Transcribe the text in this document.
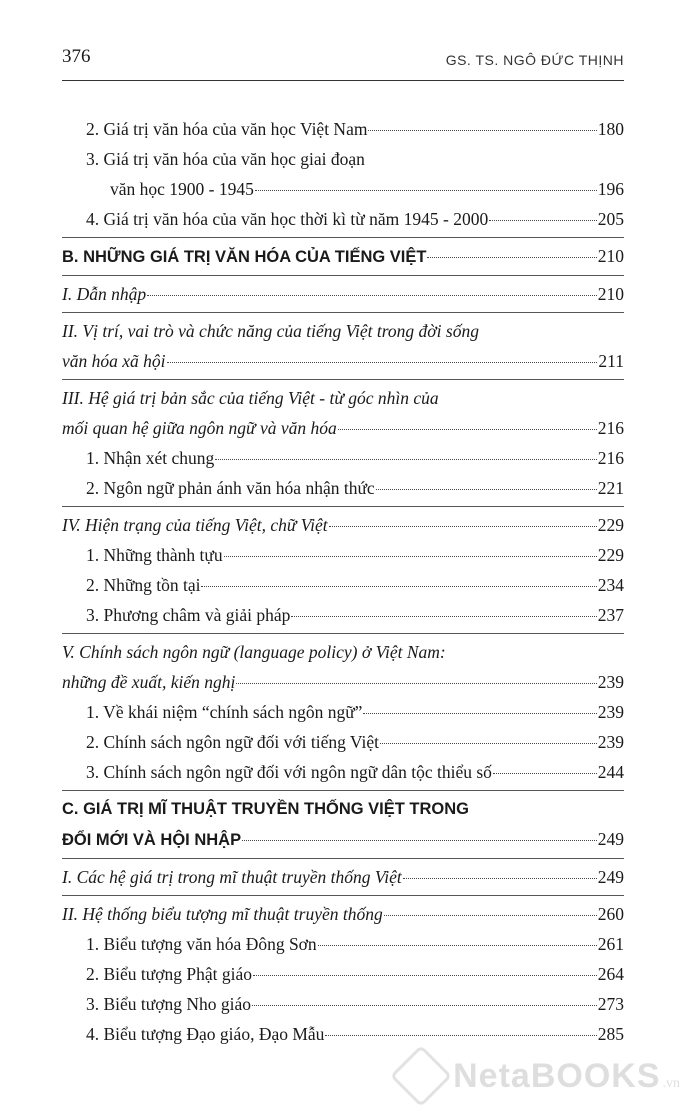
376	GS. TS. NGÔ ĐỨC THỊNH
2. Giá trị văn hóa của văn học Việt Nam	180
3. Giá trị văn hóa của văn học giai đoạn
văn học 1900 - 1945	196
4. Giá trị văn hóa của văn học thời kì từ năm 1945 - 2000	205
B. NHỮNG GIÁ TRỊ VĂN HÓA CỦA TIẾNG VIỆT	210
I. Dẫn nhập	210
II. Vị trí, vai trò và chức năng của tiếng Việt trong đời sống
văn hóa xã hội	211
III. Hệ giá trị bản sắc của tiếng Việt - từ góc nhìn của
mối quan hệ giữa ngôn ngữ và văn hóa	216
1. Nhận xét chung	216
2. Ngôn ngữ phản ánh văn hóa nhận thức	221
IV. Hiện trạng của tiếng Việt, chữ Việt	229
1. Những thành tựu	229
2. Những tồn tại	234
3. Phương châm và giải pháp	237
V. Chính sách ngôn ngữ (language policy) ở Việt Nam:
những đề xuất, kiến nghị	239
1. Về khái niệm “chính sách ngôn ngữ”	239
2. Chính sách ngôn ngữ đối với tiếng Việt	239
3. Chính sách ngôn ngữ đối với ngôn ngữ dân tộc thiểu số	244
C. GIÁ TRỊ MĨ THUẬT TRUYỀN THỐNG VIỆT TRONG
ĐỔI MỚI VÀ HỘI NHẬP	249
I. Các hệ giá trị trong mĩ thuật truyền thống Việt	249
II. Hệ thống biểu tượng mĩ thuật truyền thống	260
1. Biểu tượng văn hóa Đông Sơn	261
2. Biểu tượng Phật giáo	264
3. Biểu tượng Nho giáo	273
4. Biểu tượng Đạo giáo, Đạo Mẫu	285
NetaBOOKS .vn
